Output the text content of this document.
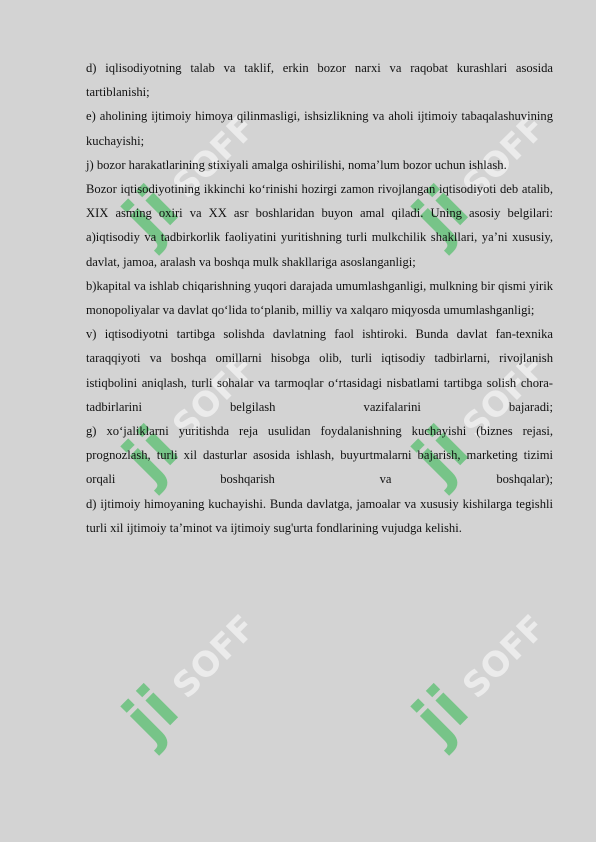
ji
SOFF
ji
SOFF
ji
SOFF
ji
SOFF
ji
SOFF
ji
SOFF

d) iqlisodiyotning talab va taklif, erkin bozor narxi va raqobat kurashlari asosida tartiblanishi;

e) aholining ijtimoiy himoya qilinmasligi, ishsizlikning va aholi ijtimoiy tabaqalashuvining kuchayishi;

j) bozor harakatlarining stixiyali amalga oshirilishi, noma’lum bozor uchun ishlash.

Bozor iqtisodiyotining ikkinchi ko‘rinishi hozirgi zamon rivojlangan iqtisodiyoti deb atalib, XIX asming oxiri va XX asr boshlaridan buyon amal qiladi. Uning asosiy belgilari:

a)iqtisodiy va tadbirkorlik faoliyatini yuritishning turli mulkchilik shakllari, ya’ni xususiy, davlat, jamoa, aralash va boshqa mulk shakllariga asoslanganligi;

b)kapital va ishlab chiqarishning yuqori darajada umumlashganligi, mulkning bir qismi yirik monopoliyalar va davlat qo‘lida to‘planib, milliy va xalqaro miqyosda umumlashganligi;

v) iqtisodiyotni tartibga solishda davlatning faol ishtiroki. Bunda davlat fan-texnika taraqqiyoti va boshqa omillarni hisobga olib, turli iqtisodiy tadbirlarni, rivojlanish istiqbolini aniqlash, turli sohalar va tarmoqlar o‘rtasidagi nisbatlami tartibga solish chora-tadbirlarini belgilash vazifalarini bajaradi;

g) xo‘jaliklarni yuritishda reja usulidan foydalanishning kuchayishi (biznes rejasi, prognozlash, turli xil dasturlar asosida ishlash, buyurtmalarni bajarish, marketing tizimi orqali boshqarish va boshqalar);

d) ijtimoiy himoyaning kuchayishi. Bunda davlatga, jamoalar va xususiy kishilarga tegishli turli xil ijtimoiy ta’minot va ijtimoiy sug'urta fondlarining vujudga kelishi.
